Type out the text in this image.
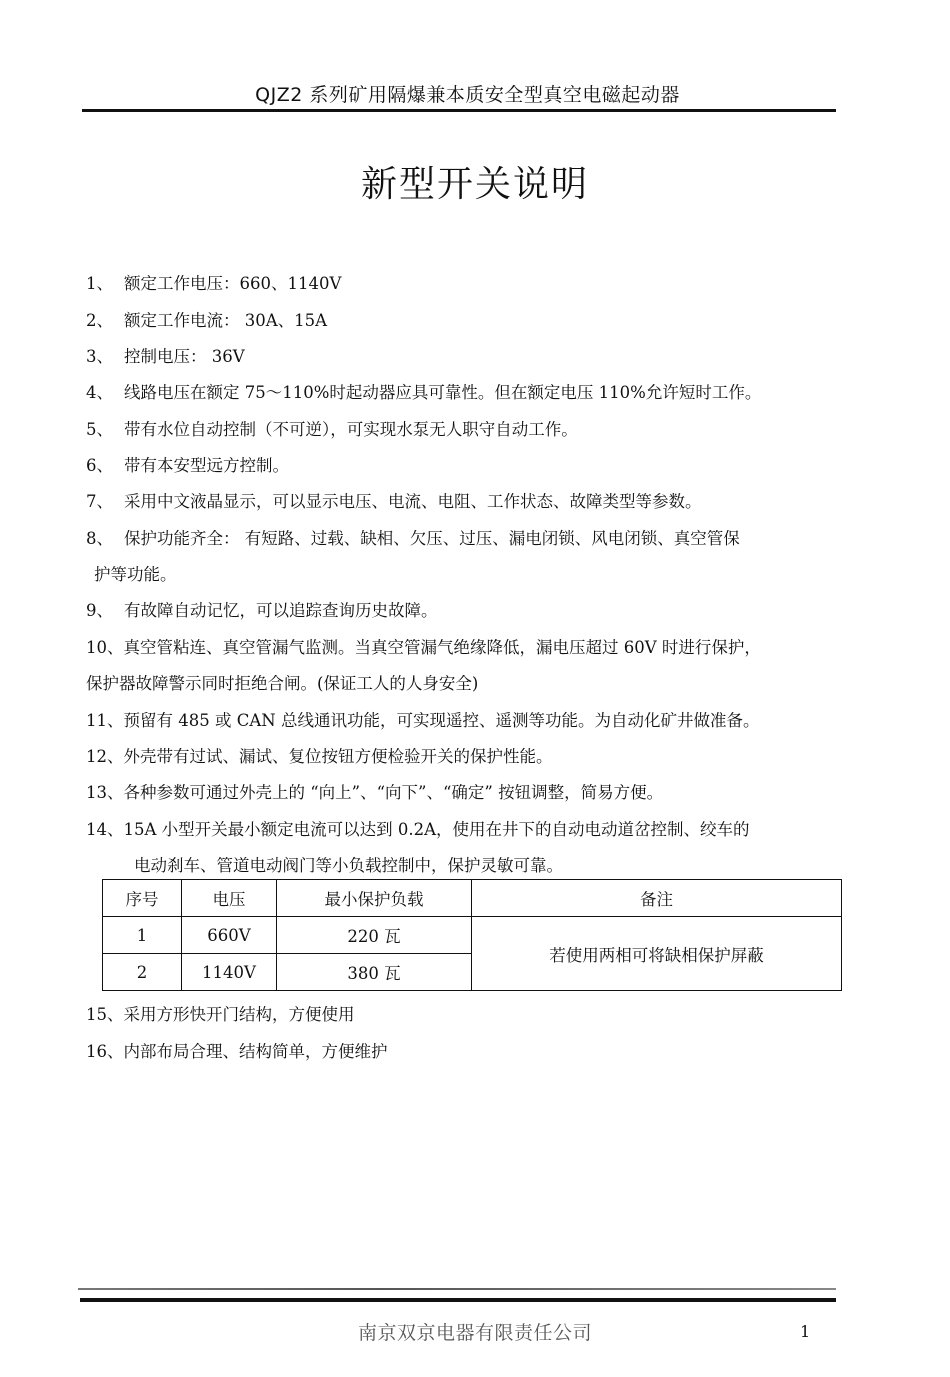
QJZ2 系列矿用隔爆兼本质安全型真空电磁起动器
新型开关说明
1、 额定工作电压：660、1140V
2、 额定工作电流： 30A、15A
3、 控制电压： 36V
4、 线路电压在额定 75～110%时起动器应具可靠性。但在额定电压 110%允许短时工作。
5、 带有水位自动控制（不可逆），可实现水泵无人职守自动工作。
6、 带有本安型远方控制。
7、 采用中文液晶显示，可以显示电压、电流、电阻、工作状态、故障类型等参数。
8、 保护功能齐全： 有短路、过载、缺相、欠压、过压、漏电闭锁、风电闭锁、真空管保
护等功能。
9、 有故障自动记忆，可以追踪查询历史故障。
10、真空管粘连、真空管漏气监测。当真空管漏气绝缘降低，漏电压超过 60V 时进行保护，
保护器故障警示同时拒绝合闸。(保证工人的人身安全)
11、预留有 485 或 CAN 总线通讯功能，可实现遥控、遥测等功能。为自动化矿井做准备。
12、外壳带有过试、漏试、复位按钮方便检验开关的保护性能。
13、各种参数可通过外壳上的 “向上”、“向下”、“确定” 按钮调整，简易方便。
14、15A 小型开关最小额定电流可以达到 0.2A，使用在井下的自动电动道岔控制、绞车的
电动刹车、管道电动阀门等小负载控制中，保护灵敏可靠。
序号	电压	最小保护负载	备注
1	660V	220 瓦	若使用两相可将缺相保护屏蔽
2	1140V	380 瓦	
15、采用方形快开门结构，方便使用
16、内部布局合理、结构简单，方便维护
南京双京电器有限责任公司	1
